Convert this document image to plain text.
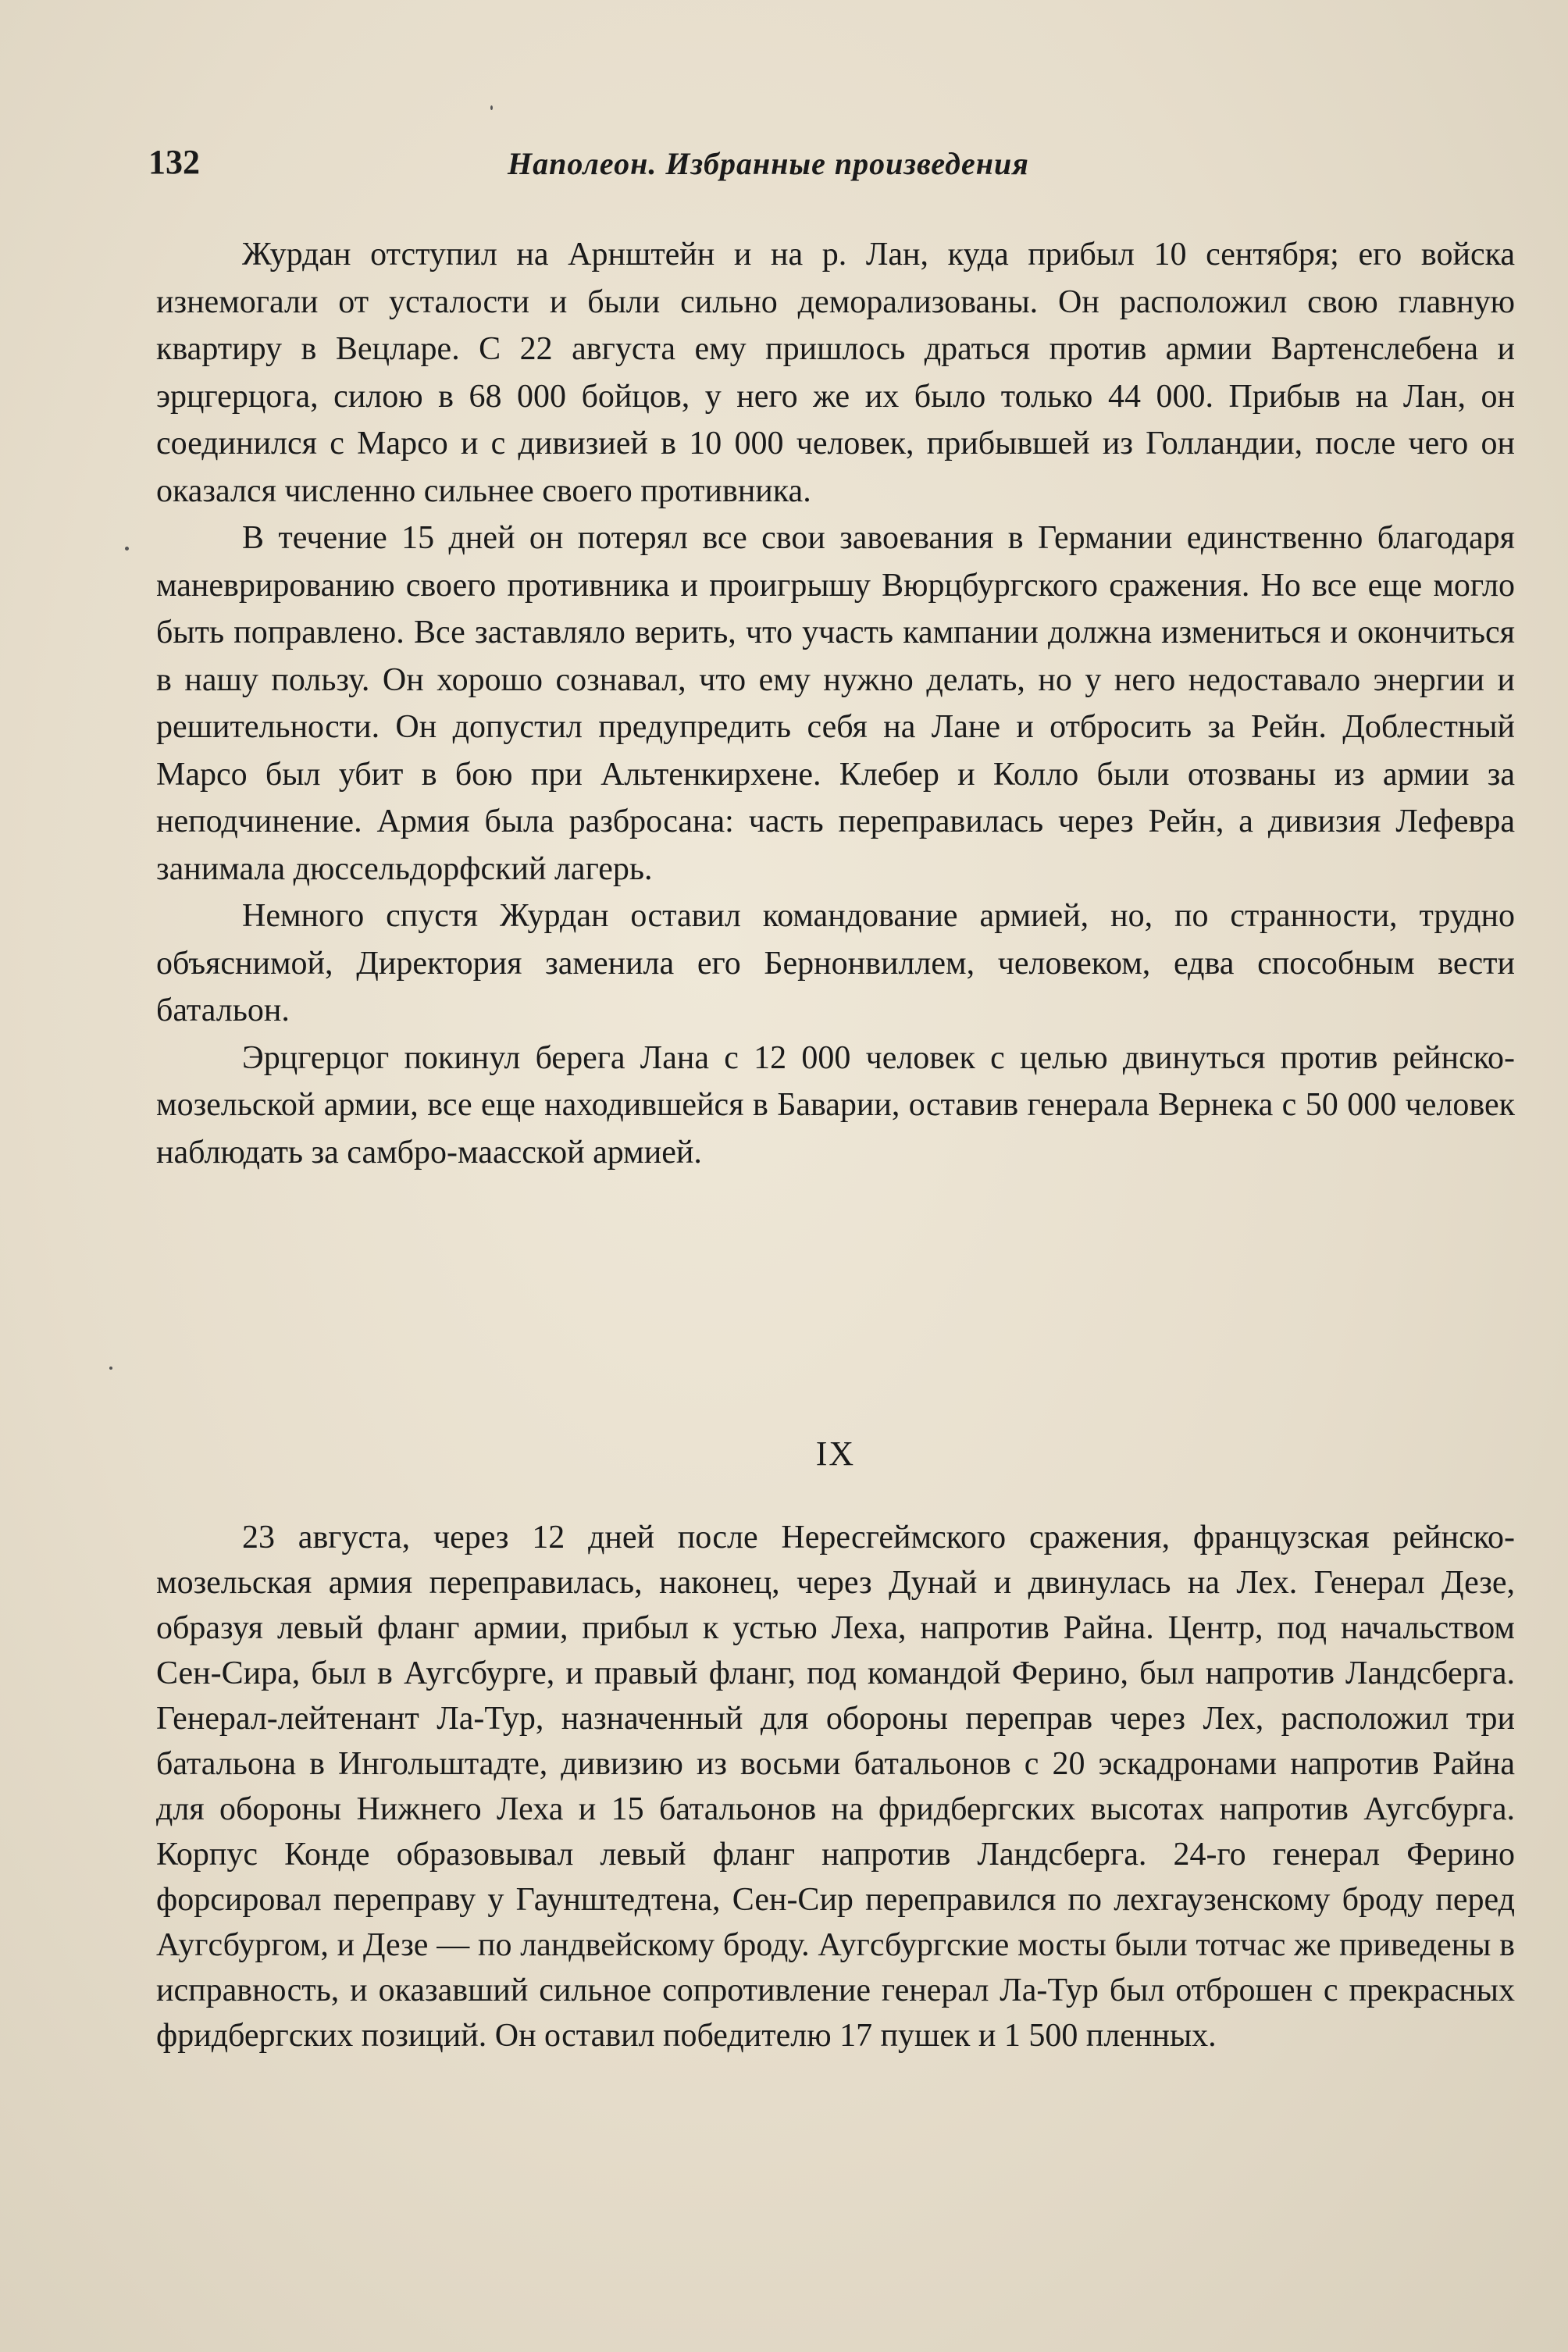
132	Наполеон. Избранные произведения

Журдан отступил на Арнштейн и на р. Лан, куда прибыл 10 сентября; его войска изнемогали от усталости и были сильно деморализованы. Он расположил свою главную квартиру в Вецларе. С 22 августа ему пришлось драться против армии Вартенслебена и эрцгерцога, силою в 68 000 бойцов, у него же их было только 44 000. Прибыв на Лан, он соединился с Марсо и с дивизией в 10 000 человек, прибывшей из Голландии, после чего он оказался численно сильнее своего противника.

В течение 15 дней он потерял все свои завоевания в Германии единственно благодаря маневрированию своего противника и проигрышу Вюрцбургского сражения. Но все еще могло быть поправлено. Все заставляло верить, что участь кампании должна измениться и окончиться в нашу пользу. Он хорошо сознавал, что ему нужно делать, но у него недоставало энергии и решительности. Он допустил предупредить себя на Лане и отбросить за Рейн. Доблестный Марсо был убит в бою при Альтенкирхене. Клебер и Колло были отозваны из армии за неподчинение. Армия была разбросана: часть переправилась через Рейн, а дивизия Лефевра занимала дюссельдорфский лагерь.

Немного спустя Журдан оставил командование армией, но, по странности, трудно объяснимой, Директория заменила его Бернонвиллем, человеком, едва способным вести батальон.

Эрцгерцог покинул берега Лана с 12 000 человек с целью двинуться против рейнско-мозельской армии, все еще находившейся в Баварии, оставив генерала Вернека с 50 000 человек наблюдать за самбро-маасской армией.

IX

23 августа, через 12 дней после Нересгеймского сражения, французская рейнско-мозельская армия переправилась, наконец, через Дунай и двинулась на Лех. Генерал Дезе, образуя левый фланг армии, прибыл к устью Леха, напротив Райна. Центр, под начальством Сен-Сира, был в Аугсбурге, и правый фланг, под командой Ферино, был напротив Ландсберга. Генерал-лейтенант Ла-Тур, назначенный для обороны переправ через Лех, расположил три батальона в Ингольштадте, дивизию из восьми батальонов с 20 эскадронами напротив Райна для обороны Нижнего Леха и 15 батальонов на фридбергских высотах напротив Аугсбурга. Корпус Конде образовывал левый фланг напротив Ландсберга. 24-го генерал Ферино форсировал переправу у Гаунштедтена, Сен-Сир переправился по лехгаузенскому броду перед Аугсбургом, и Дезе — по ландвейскому броду. Аугсбургские мосты были тотчас же приведены в исправность, и оказавший сильное сопротивление генерал Ла-Тур был отброшен с прекрасных фридбергских позиций. Он оставил победителю 17 пушек и 1 500 пленных.
